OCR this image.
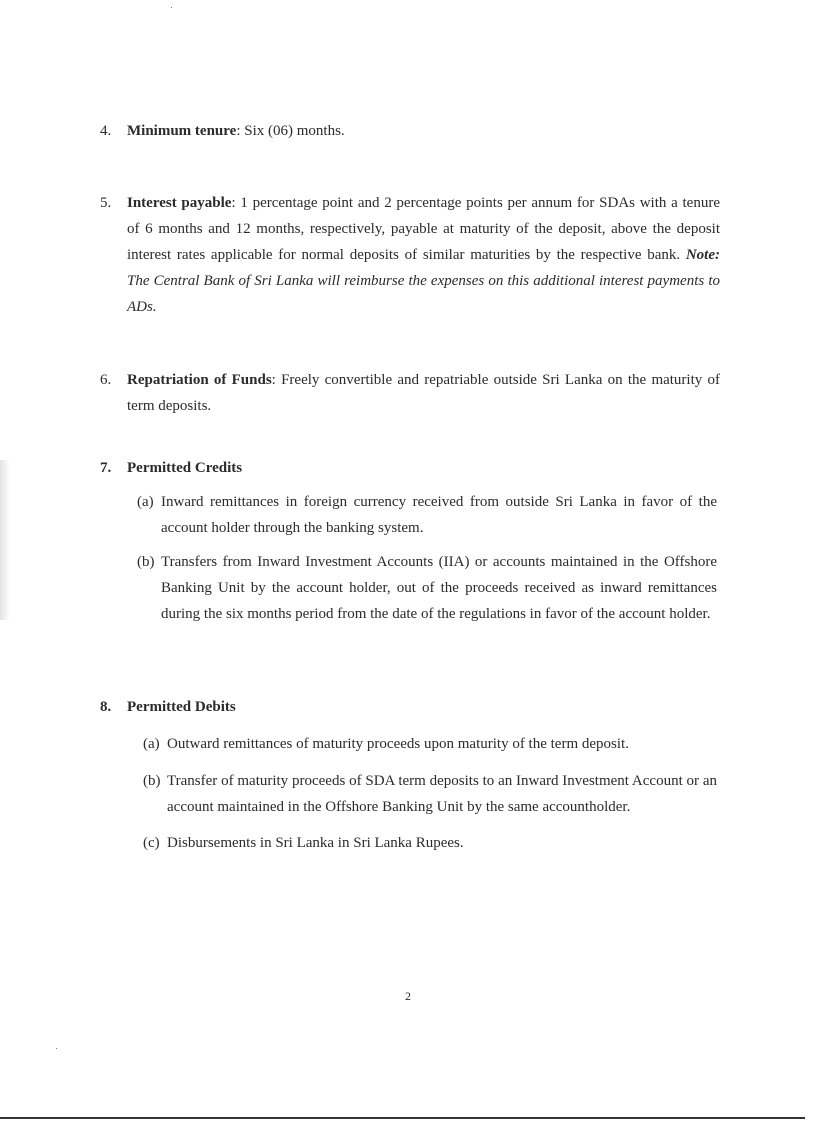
4.	Minimum tenure: Six (06) months.
5.	Interest payable: 1 percentage point and 2 percentage points per annum for SDAs with a tenure of 6 months and 12 months, respectively, payable at maturity of the deposit, above the deposit interest rates applicable for normal deposits of similar maturities by the respective bank. Note: The Central Bank of Sri Lanka will reimburse the expenses on this additional interest payments to ADs.
6.	Repatriation of Funds: Freely convertible and repatriable outside Sri Lanka on the maturity of term deposits.
7.	Permitted Credits
(a) Inward remittances in foreign currency received from outside Sri Lanka in favor of the account holder through the banking system.
(b) Transfers from Inward Investment Accounts (IIA) or accounts maintained in the Offshore Banking Unit by the account holder, out of the proceeds received as inward remittances during the six months period from the date of the regulations in favor of the account holder.
8.	Permitted Debits
(a) Outward remittances of maturity proceeds upon maturity of the term deposit.
(b) Transfer of maturity proceeds of SDA term deposits to an Inward Investment Account or an account maintained in the Offshore Banking Unit by the same accountholder.
(c) Disbursements in Sri Lanka in Sri Lanka Rupees.
2
